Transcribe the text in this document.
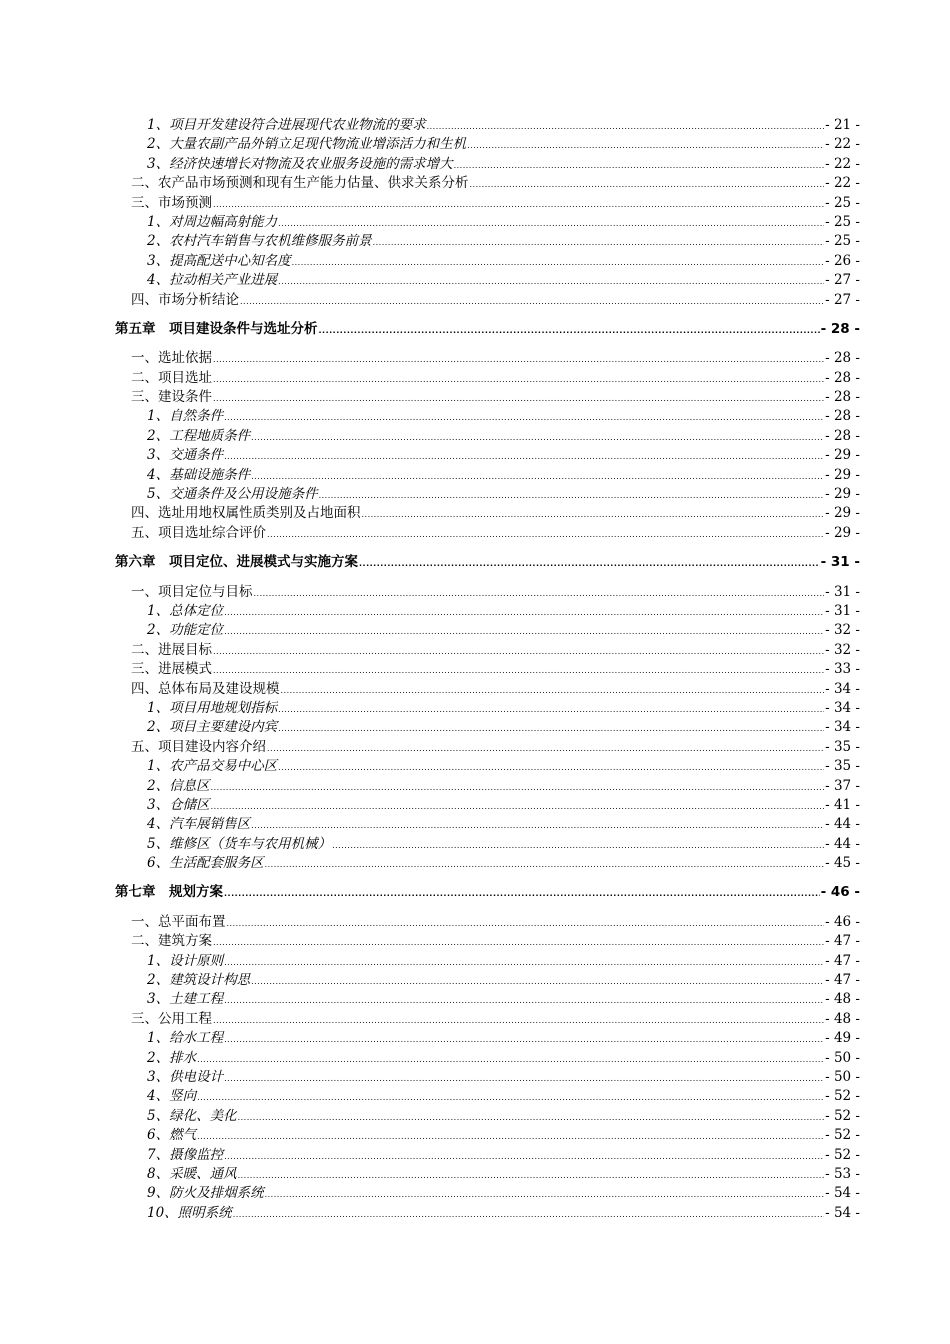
1、项目开发建设符合进展现代农业物流的要求 .....	- 21 -
2、大量农副产品外销立足现代物流业增添活力和生机 .....	- 22 -
3、经济快速增长对物流及农业服务设施的需求增大 .....	- 22 -
二、农产品市场预测和现有生产能力估量、供求关系分析 .....	- 22 -
三、市场预测 .....	- 25 -
1、对周边幅高射能力 .....	- 25 -
2、农村汽车销售与农机维修服务前景 .....	- 25 -
3、提高配送中心知名度 .....	- 26 -
4、拉动相关产业进展 .....	- 27 -
四、市场分析结论 .....	- 27 -
第五章　项目建设条件与选址分析 .....	- 28 -
一、选址依据 .....	- 28 -
二、项目选址 .....	- 28 -
三、建设条件 .....	- 28 -
1、自然条件 .....	- 28 -
2、工程地质条件 .....	- 28 -
3、交通条件 .....	- 29 -
4、基础设施条件 .....	- 29 -
5、交通条件及公用设施条件 .....	- 29 -
四、选址用地权属性质类别及占地面积 .....	- 29 -
五、项目选址综合评价 .....	- 29 -
第六章　项目定位、进展模式与实施方案 .....	- 31 -
一、项目定位与目标 .....	- 31 -
1、总体定位 .....	- 31 -
2、功能定位 .....	- 32 -
二、进展目标 .....	- 32 -
三、进展模式 .....	- 33 -
四、总体布局及建设规模 .....	- 34 -
1、项目用地规划指标 .....	- 34 -
2、项目主要建设内宾 .....	- 34 -
五、项目建设内容介绍 .....	- 35 -
1、农产品交易中心区 .....	- 35 -
2、信息区 .....	- 37 -
3、仓储区 .....	- 41 -
4、汽车展销售区 .....	- 44 -
5、维修区（货车与农用机械） .....	- 44 -
6、生活配套服务区 .....	- 45 -
第七章　规划方案 .....	- 46 -
一、总平面布置 .....	- 46 -
二、建筑方案 .....	- 47 -
1、设计原则 .....	- 47 -
2、建筑设计构思 .....	- 47 -
3、土建工程 .....	- 48 -
三、公用工程 .....	- 48 -
1、给水工程 .....	- 49 -
2、排水 .....	- 50 -
3、供电设计 .....	- 50 -
4、竖向 .....	- 52 -
5、绿化、美化 .....	- 52 -
6、燃气 .....	- 52 -
7、摄像监控 .....	- 52 -
8、采暖、通风 .....	- 53 -
9、防火及排烟系统 .....	- 54 -
10、照明系统 .....	- 54 -
